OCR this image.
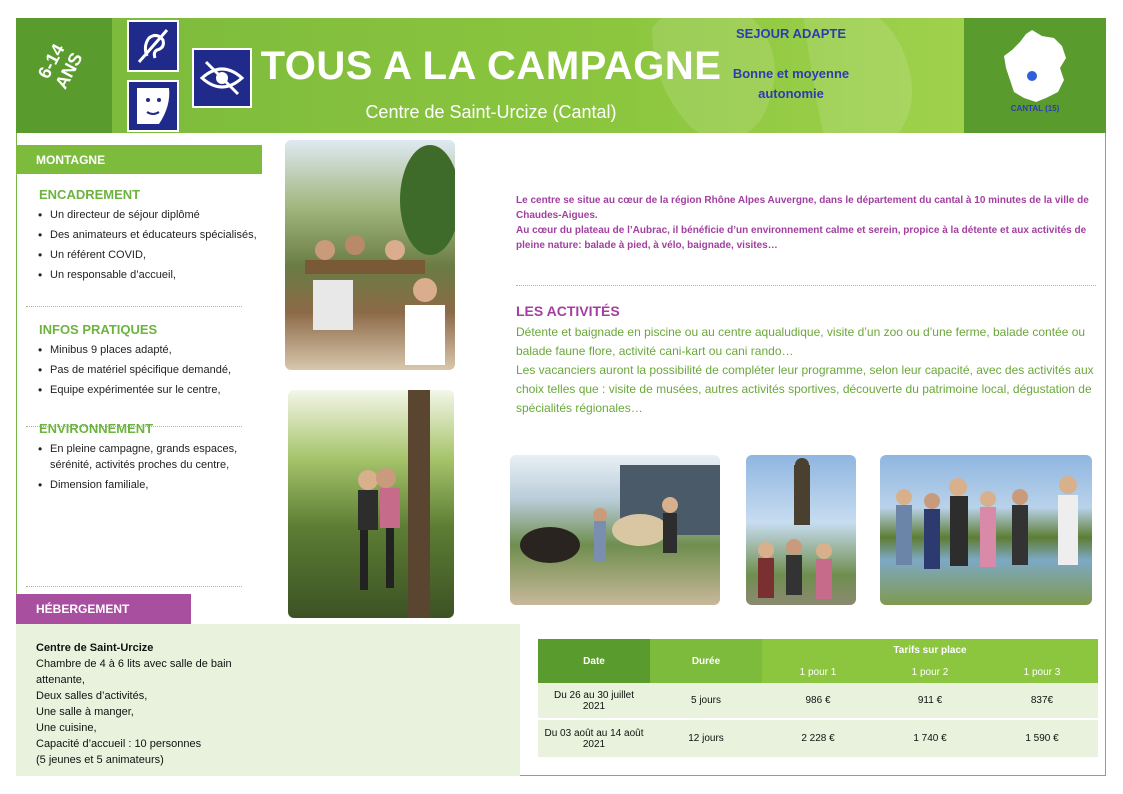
6-14 ANS
CANTAL (15)
TOUS A LA CAMPAGNE
Centre de Saint-Urcize (Cantal)
SEJOUR ADAPTE
Bonne et moyenne autonomie
MONTAGNE
ENCADREMENT
• Un directeur de séjour diplômé
• Des animateurs et éducateurs spécialisés,
• Un référent COVID,
• Un responsable d’accueil,
INFOS PRATIQUES
• Minibus 9 places adapté,
• Pas de matériel spécifique demandé,
• Equipe expérimentée sur le centre,
ENVIRONNEMENT
• En pleine campagne, grands espaces, sérénité, activités proches du centre,
• Dimension familiale,
Le centre se situe au cœur de la région Rhône Alpes Auvergne, dans le département du cantal à 10 minutes de la ville de Chaudes-Aigues.
Au cœur du plateau de l’Aubrac, il bénéficie d’un environnement calme et serein, propice à la détente et aux activités de pleine nature: balade à pied, à vélo, baignade, visites…
LES ACTIVITÉS
Détente et baignade en piscine ou au centre aqualudique, visite d’un zoo ou d’une ferme, balade contée ou balade faune flore, activité cani-kart ou cani rando…
Les vacanciers auront la possibilité de compléter leur programme, selon leur capacité, avec des activités aux choix telles que : visite de musées, autres activités sportives, découverte du patrimoine local, dégustation de spécialités régionales…
HÉBERGEMENT
Centre de Saint-Urcize
Chambre de 4 à 6 lits avec salle de bain attenante,
Deux salles d’activités,
Une salle à manger,
Une cuisine,
Capacité d’accueil : 10 personnes
(5 jeunes et 5 animateurs)
Date	Durée	Tarifs sur place		
		1 pour 1	1 pour 2	1 pour 3
Du 26 au 30 juillet 2021	5 jours	986 €	911 €	837€
Du 03 août au 14 août 2021	12 jours	2 228 €	1 740 €	1 590 €
